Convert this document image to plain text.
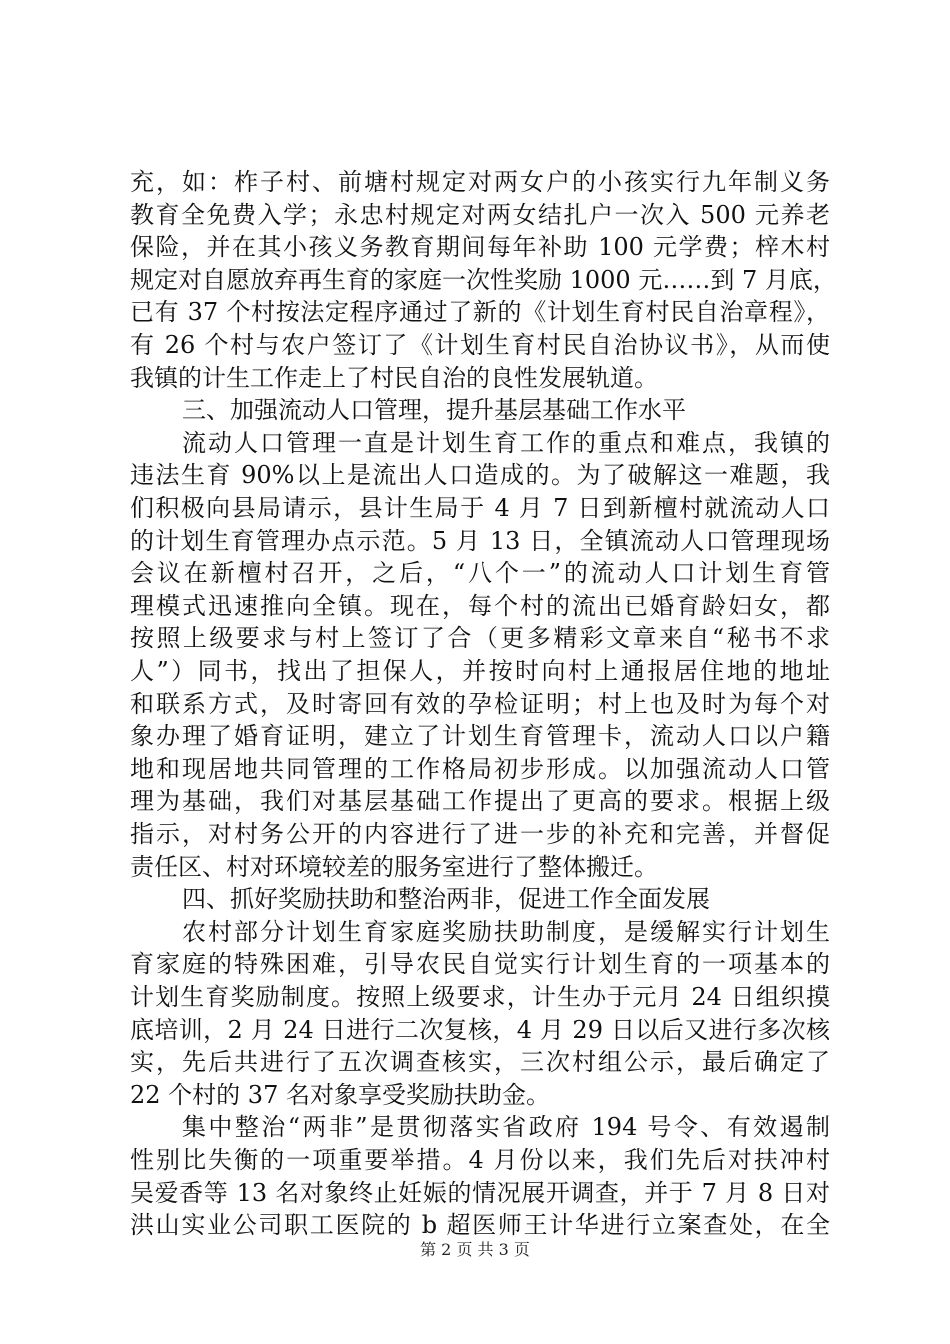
充，如：柞子村、前塘村规定对两女户的小孩实行九年制义务
教育全免费入学；永忠村规定对两女结扎户一次入 500 元养老
保险，并在其小孩义务教育期间每年补助 100 元学费；梓木村
规定对自愿放弃再生育的家庭一次性奖励 1000 元……到 7 月底，
已有 37 个村按法定程序通过了新的《计划生育村民自治章程》，
有 26 个村与农户签订了《计划生育村民自治协议书》，从而使
我镇的计生工作走上了村民自治的良性发展轨道。
三、加强流动人口管理，提升基层基础工作水平
流动人口管理一直是计划生育工作的重点和难点，我镇的
违法生育 90%以上是流出人口造成的。为了破解这一难题，我
们积极向县局请示，县计生局于 4 月 7 日到新檀村就流动人口
的计划生育管理办点示范。5 月 13 日，全镇流动人口管理现场
会议在新檀村召开，之后，“八个一”的流动人口计划生育管
理模式迅速推向全镇。现在，每个村的流出已婚育龄妇女，都
按照上级要求与村上签订了合（更多精彩文章来自“秘书不求
人”）同书，找出了担保人，并按时向村上通报居住地的地址
和联系方式，及时寄回有效的孕检证明；村上也及时为每个对
象办理了婚育证明，建立了计划生育管理卡，流动人口以户籍
地和现居地共同管理的工作格局初步形成。以加强流动人口管
理为基础，我们对基层基础工作提出了更高的要求。根据上级
指示，对村务公开的内容进行了进一步的补充和完善，并督促
责任区、村对环境较差的服务室进行了整体搬迁。
四、抓好奖励扶助和整治两非，促进工作全面发展
农村部分计划生育家庭奖励扶助制度，是缓解实行计划生
育家庭的特殊困难，引导农民自觉实行计划生育的一项基本的
计划生育奖励制度。按照上级要求，计生办于元月 24 日组织摸
底培训，2 月 24 日进行二次复核，4 月 29 日以后又进行多次核
实，先后共进行了五次调查核实，三次村组公示，最后确定了
22 个村的 37 名对象享受奖励扶助金。
集中整治“两非”是贯彻落实省政府 194 号令、有效遏制
性别比失衡的一项重要举措。4 月份以来，我们先后对扶冲村
吴爱香等 13 名对象终止妊娠的情况展开调查，并于 7 月 8 日对
洪山实业公司职工医院的 b 超医师王计华进行立案查处，在全
第 2 页 共 3 页
